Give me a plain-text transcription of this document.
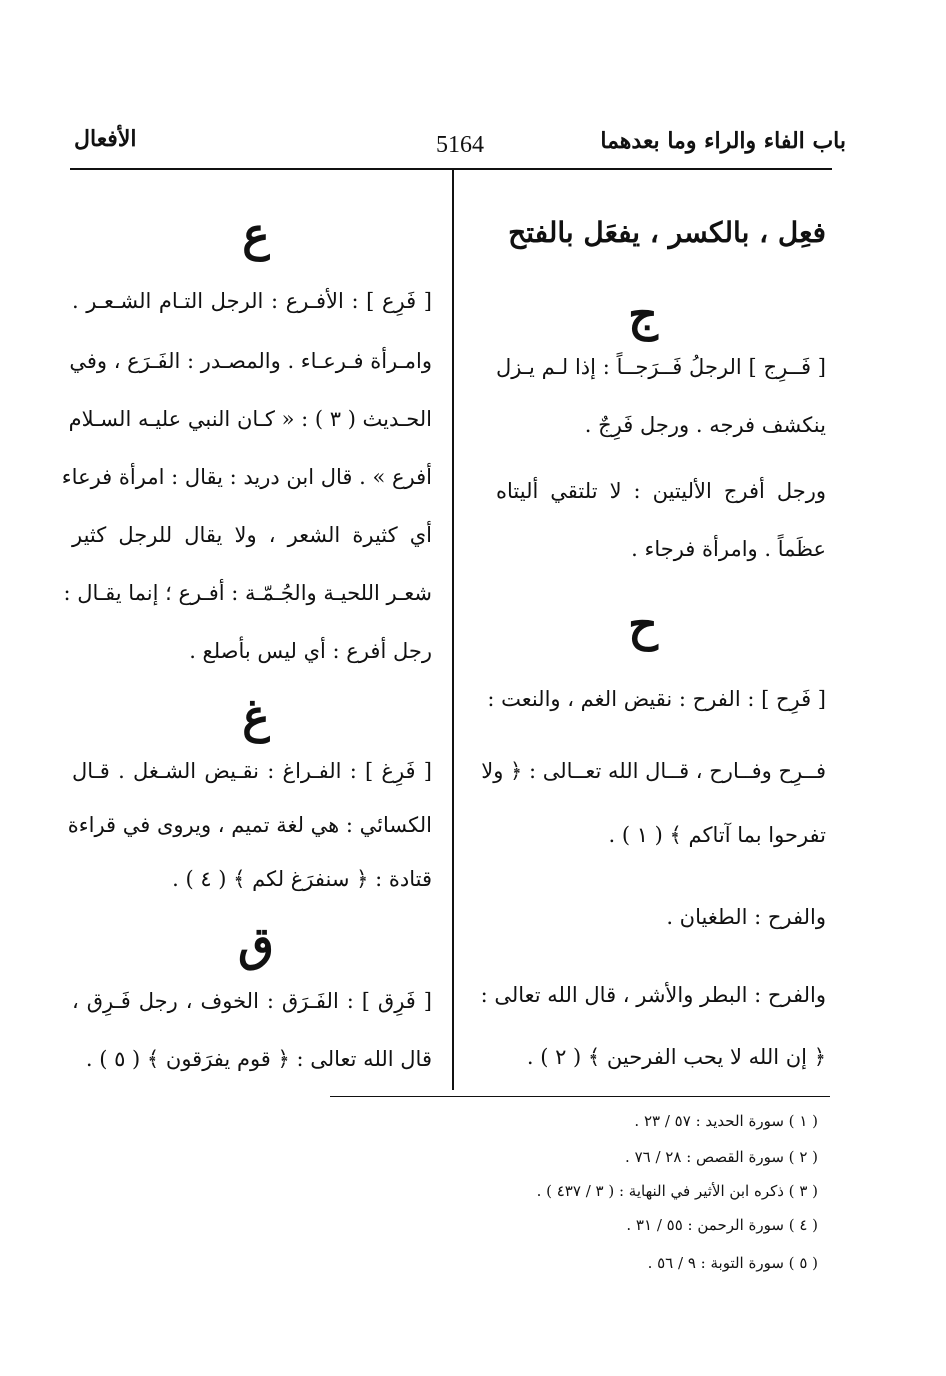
باب الفاء والراء وما بعدهما
5164
الأفعال
فعِل ، بالكسر ، يفعَل بالفتح
ج
[ فَــرِج ] الرجلُ فَــرَجــاً : إذا لـم يـزل
ينكشف فرجه . ورجل فَرِجٌ .
ورجل أفرج الأليتين : لا تلتقي أليتاه
عظَماً . وامرأة فرجاء .
ح
[ فَرِح ] : الفرح : نقيض الغم ، والنعت :
فــرِح وفــارح ، قــال الله تعــالى : ﴿ ولا
تفرحوا بما آتاكم ﴾ ( ١ ) .
والفرح : الطغيان .
والفرح : البطر والأشر ، قال الله تعالى :
﴿ إن الله لا يحب الفرحين ﴾ ( ٢ ) .
ع
[ فَرِع ] : الأفـرع : الرجل التـام الشـعـر .
وامـرأة فـرعـاء . والمصـدر : الفَـرَع ، وفي
الحـديث ( ٣ ) : « كـان النبي عليـه السـلام
أفرع » . قال ابن دريد : يقال : امرأة فرعاء
أي كثيرة الشعر ، ولا يقال للرجل كثير
شعـر اللحيـة والجُـمّـة : أفـرع ؛ إنما يقـال :
رجل أفرع : أي ليس بأصلع .
غ
[ فَرِغ ] : الفـراغ : نقـيض الشـغل . قـال
الكسائي : هي لغة تميم ، ويروى في قراءة
قتادة : ﴿ سنفرَغ لكم ﴾ ( ٤ ) .
ق
[ فَرِق ] : الفَـرَق : الخوف ، رجل فَـرِق ،
قال الله تعالى : ﴿ قوم يفرَقون ﴾ ( ٥ ) .
( ١ ) سورة الحديد : ٥٧ / ٢٣ .
( ٢ ) سورة القصص : ٢٨ / ٧٦ .
( ٣ ) ذكره ابن الأثير في النهاية : ( ٣ / ٤٣٧ ) .
( ٤ ) سورة الرحمن : ٥٥ / ٣١ .
( ٥ ) سورة التوبة : ٩ / ٥٦ .
